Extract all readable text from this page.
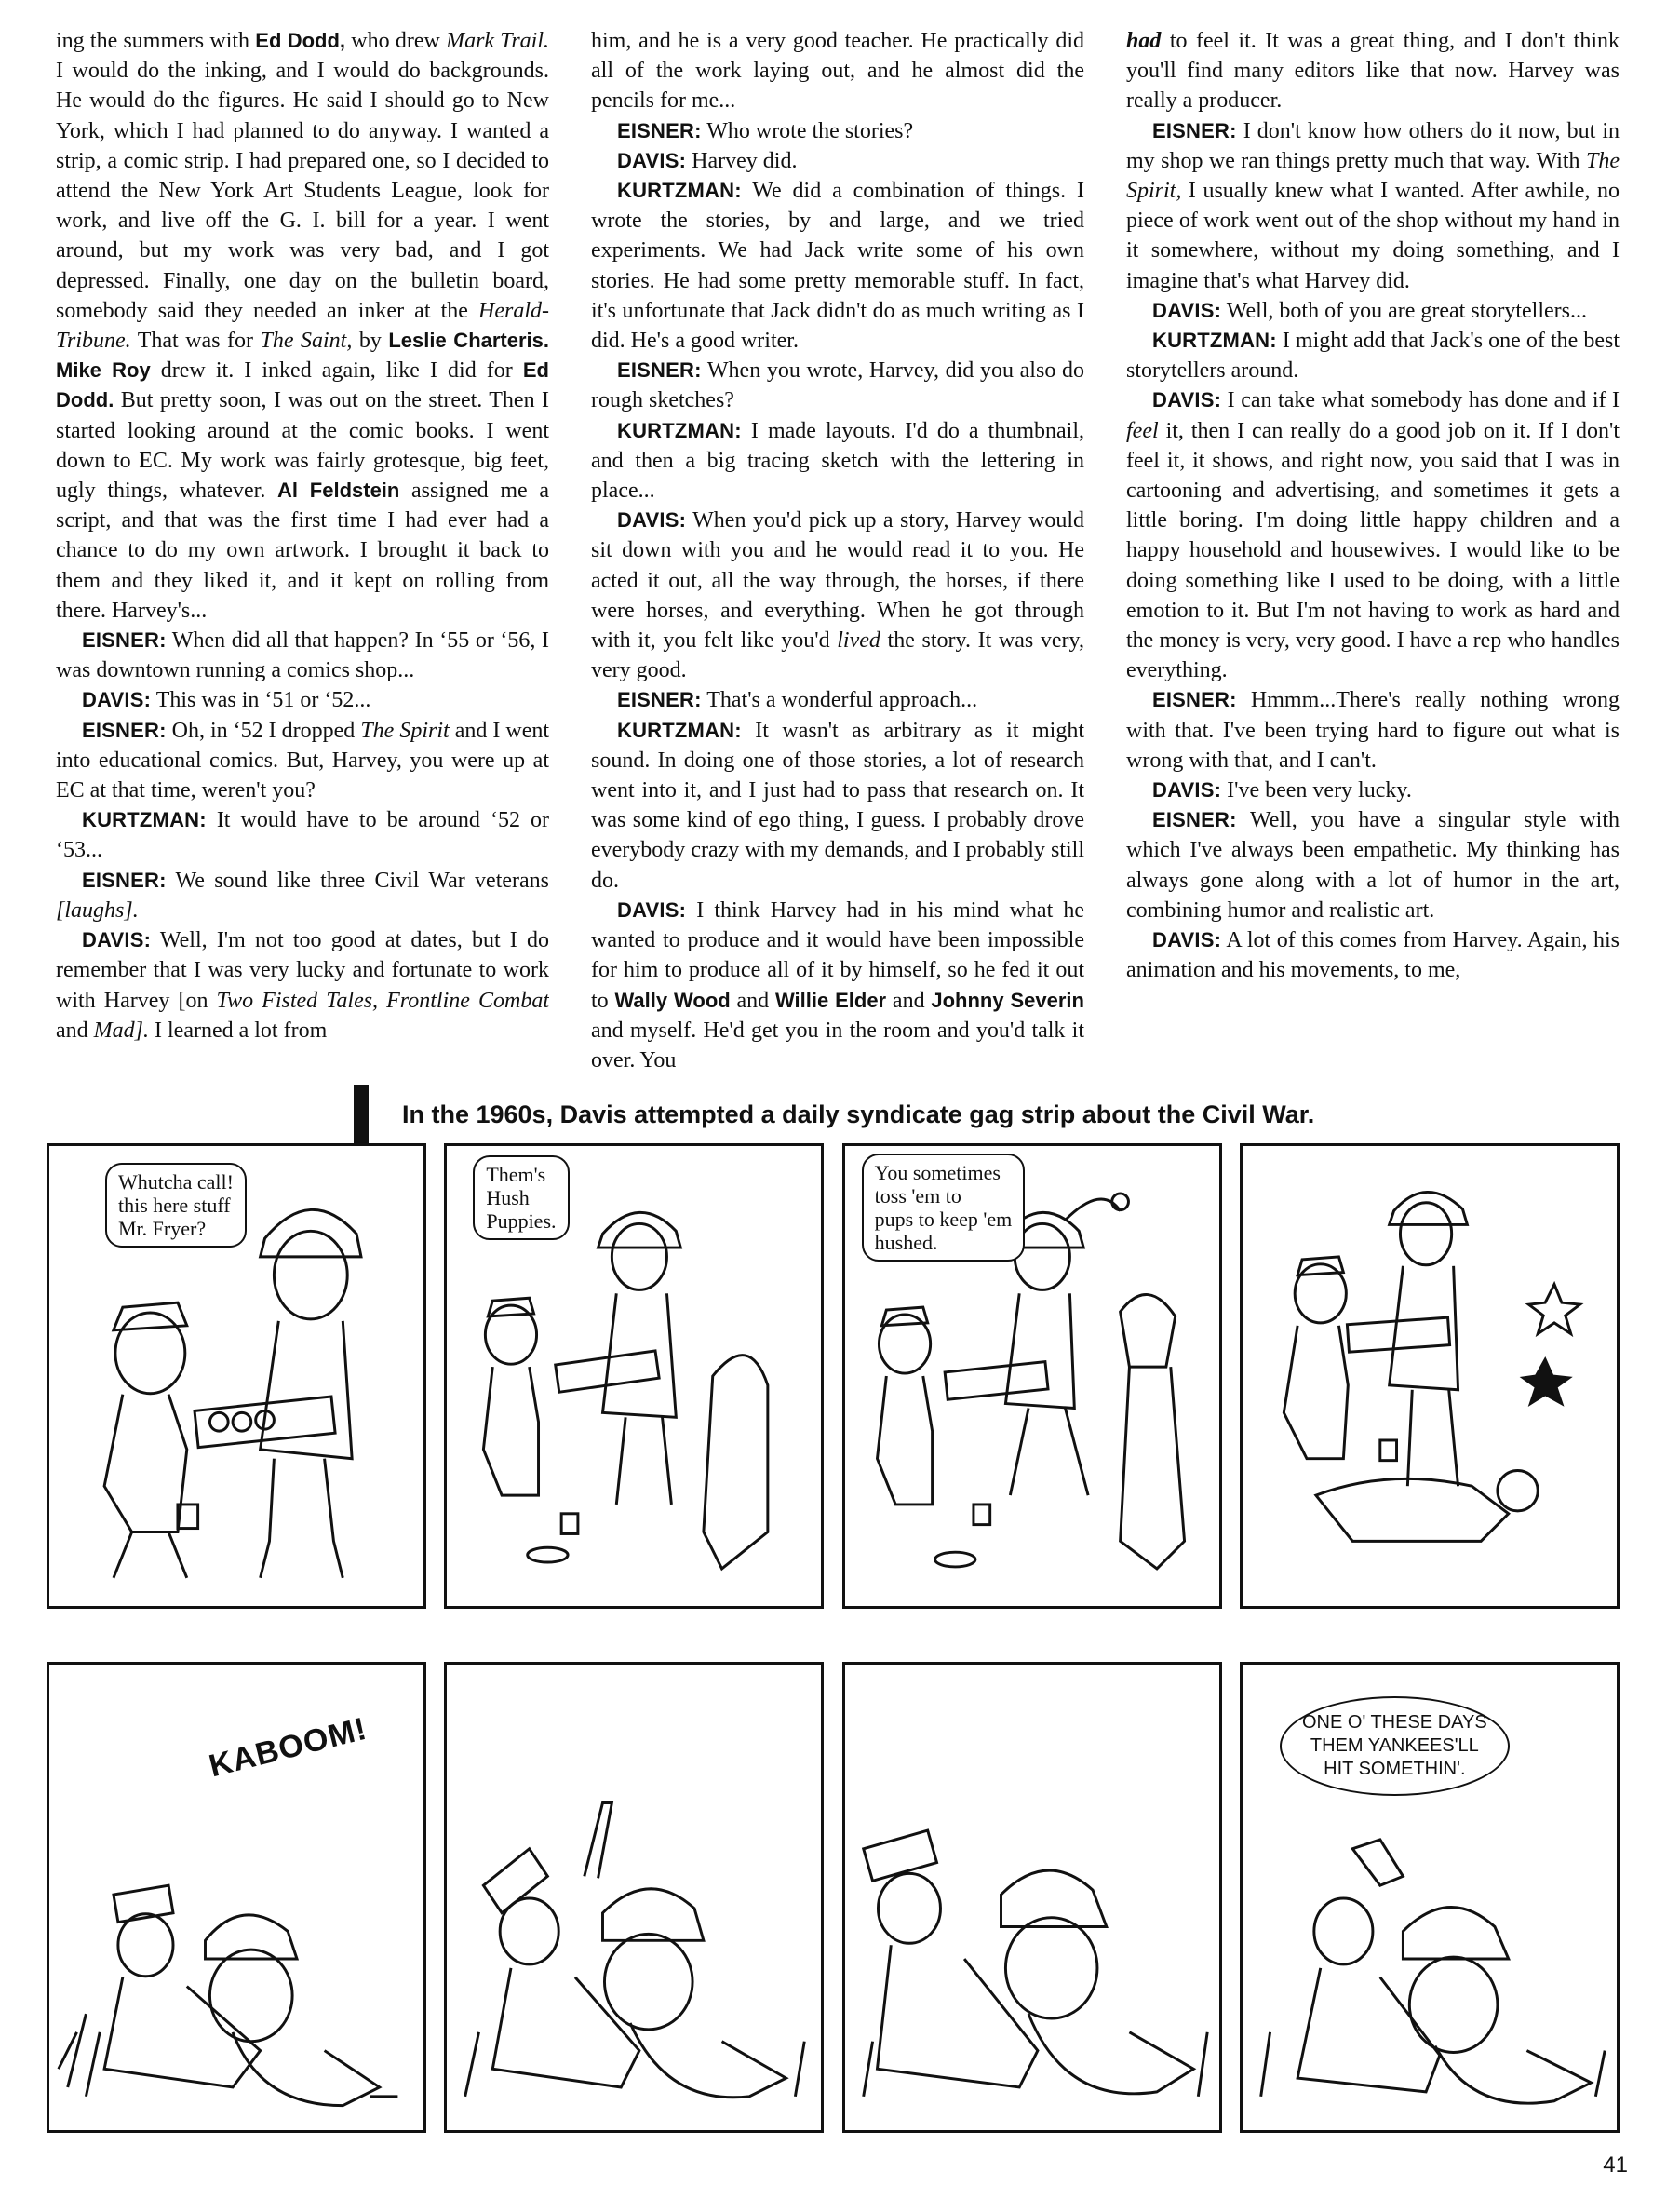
ing the summers with Ed Dodd, who drew Mark Trail. I would do the inking, and I would do backgrounds. He would do the figures. He said I should go to New York, which I had planned to do anyway. I wanted a strip, a comic strip. I had prepared one, so I decided to attend the New York Art Students League, look for work, and live off the G. I. bill for a year. I went around, but my work was very bad, and I got depressed. Finally, one day on the bulletin board, somebody said they needed an inker at the Herald-Tribune. That was for The Saint, by Leslie Charteris. Mike Roy drew it. I inked again, like I did for Ed Dodd. But pretty soon, I was out on the street. Then I started looking around at the comic books. I went down to EC. My work was fairly grotesque, big feet, ugly things, whatever. Al Feldstein assigned me a script, and that was the first time I had ever had a chance to do my own artwork. I brought it back to them and they liked it, and it kept on rolling from there. Harvey's...

EISNER: When did all that happen? In ‘55 or ‘56, I was downtown running a comics shop...

DAVIS: This was in ‘51 or ‘52...

EISNER: Oh, in ‘52 I dropped The Spirit and I went into educational comics. But, Harvey, you were up at EC at that time, weren't you?

KURTZMAN: It would have to be around ‘52 or ‘53...

EISNER: We sound like three Civil War veterans [laughs].

DAVIS: Well, I'm not too good at dates, but I do remember that I was very lucky and fortunate to work with Harvey [on Two Fisted Tales, Frontline Combat and Mad]. I learned a lot from

him, and he is a very good teacher. He practically did all of the work laying out, and he almost did the pencils for me...

EISNER: Who wrote the stories?

DAVIS: Harvey did.

KURTZMAN: We did a combination of things. I wrote the stories, by and large, and we tried experiments. We had Jack write some of his own stories. He had some pretty memorable stuff. In fact, it's unfortunate that Jack didn't do as much writing as I did. He's a good writer.

EISNER: When you wrote, Harvey, did you also do rough sketches?

KURTZMAN: I made layouts. I'd do a thumbnail, and then a big tracing sketch with the lettering in place...

DAVIS: When you'd pick up a story, Harvey would sit down with you and he would read it to you. He acted it out, all the way through, the horses, if there were horses, and everything. When he got through with it, you felt like you'd lived the story. It was very, very good.

EISNER: That's a wonderful approach...

KURTZMAN: It wasn't as arbitrary as it might sound. In doing one of those stories, a lot of research went into it, and I just had to pass that research on. It was some kind of ego thing, I guess. I probably drove everybody crazy with my demands, and I probably still do.

DAVIS: I think Harvey had in his mind what he wanted to produce and it would have been impossible for him to produce all of it by himself, so he fed it out to Wally Wood and Willie Elder and Johnny Severin and myself. He'd get you in the room and you'd talk it over. You

had to feel it. It was a great thing, and I don't think you'll find many editors like that now. Harvey was really a producer.

EISNER: I don't know how others do it now, but in my shop we ran things pretty much that way. With The Spirit, I usually knew what I wanted. After awhile, no piece of work went out of the shop without my hand in it somewhere, without my doing something, and I imagine that's what Harvey did.

DAVIS: Well, both of you are great storytellers...

KURTZMAN: I might add that Jack's one of the best storytellers around.

DAVIS: I can take what somebody has done and if I feel it, then I can really do a good job on it. If I don't feel it, it shows, and right now, you said that I was in cartooning and advertising, and sometimes it gets a little boring. I'm doing little happy children and a happy household and housewives. I would like to be doing something like I used to be doing, with a little emotion to it. But I'm not having to work as hard and the money is very, very good. I have a rep who handles everything.

EISNER: Hmmm...There's really nothing wrong with that. I've been trying hard to figure out what is wrong with that, and I can't.

DAVIS: I've been very lucky.

EISNER: Well, you have a singular style with which I've always been empathetic. My thinking has always gone along with a lot of humor in the art, combining humor and realistic art.

DAVIS: A lot of this comes from Harvey. Again, his animation and his movements, to me,

In the 1960s, Davis attempted a daily syndicate gag strip about the Civil War.
Whutcha call!
this here stuff
Mr. Fryer?
Them's
Hush
Puppies.
You sometimes
toss 'em to
pups to keep 'em
hushed.
KABOOM!	ONE O' THESE DAYS
THEM YANKEES'LL
HIT SOMETHIN'.
41
